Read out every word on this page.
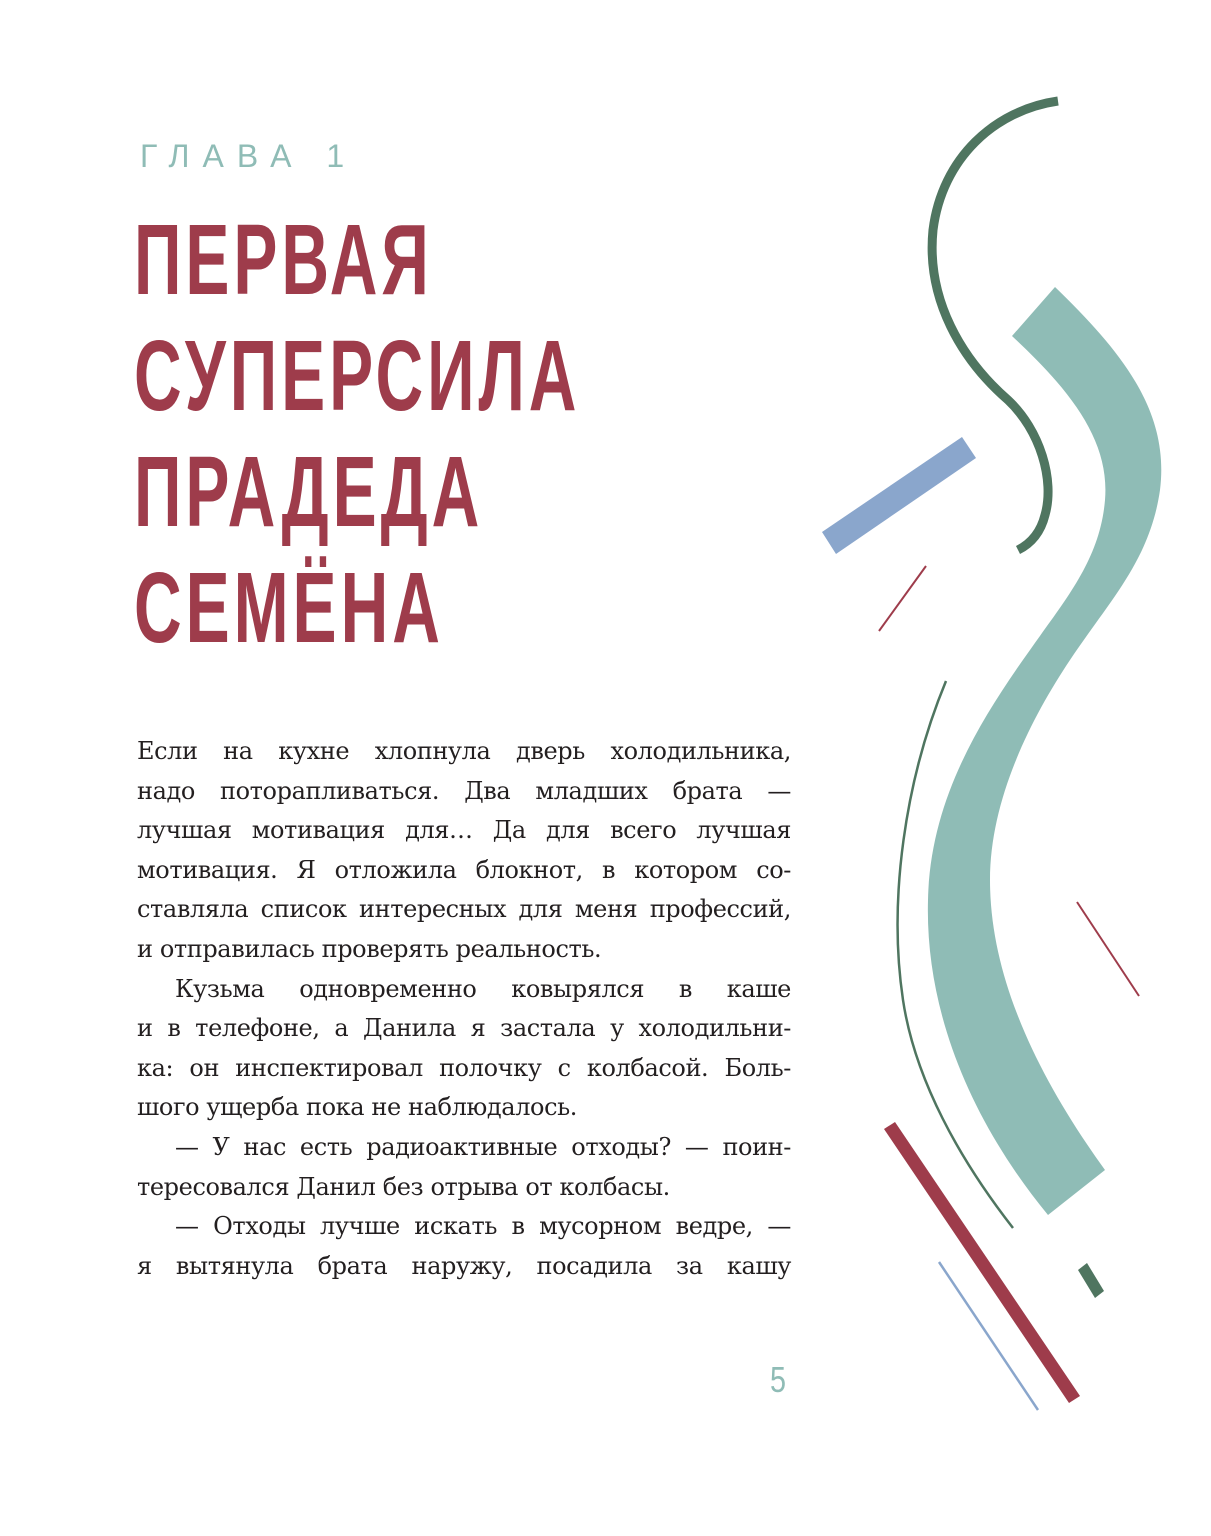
ГЛАВА 1
ПЕРВАЯ
СУПЕРСИЛА
ПРАДЕДА
СЕМЁНА
Если на кухне хлопнула дверь холодильника,
надо поторапливаться. Два младших брата —
лучшая мотивация для… Да для всего лучшая
мотивация. Я отложила блокнот, в котором со-
ставляла список интересных для меня профессий,
и отправилась проверять реальность.
Кузьма одновременно ковырялся в каше
и в телефоне, а Данила я застала у холодильни-
ка: он инспектировал полочку с колбасой. Боль-
шого ущерба пока не наблюдалось.
— У нас есть радиоактивные отходы? — поин-
тересовался Данил без отрыва от колбасы.
— Отходы лучше искать в мусорном ведре, —
я вытянула брата наружу, посадила за кашу
5
